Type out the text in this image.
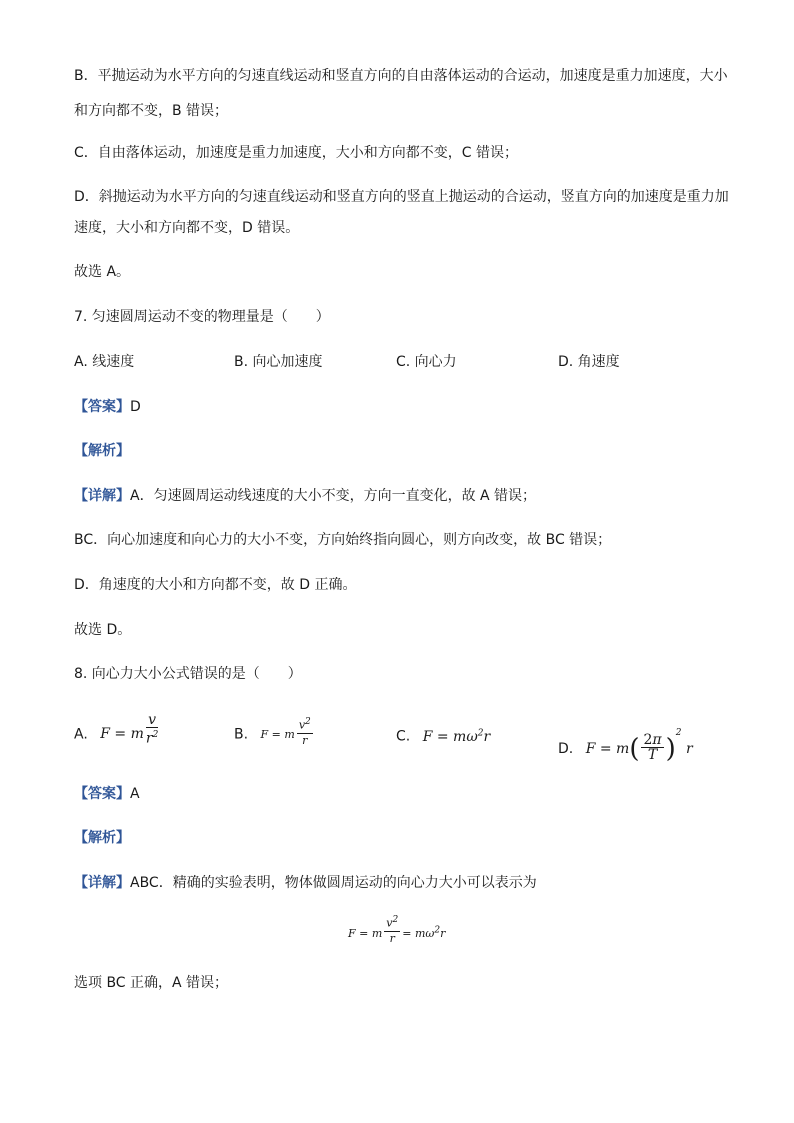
B．平抛运动为水平方向的匀速直线运动和竖直方向的自由落体运动的合运动，加速度是重力加速度，大小
和方向都不变，B 错误；
C．自由落体运动，加速度是重力加速度，大小和方向都不变，C 错误；
D．斜抛运动为水平方向的匀速直线运动和竖直方向的竖直上抛运动的合运动，竖直方向的加速度是重力加
速度，大小和方向都不变，D 错误。
故选 A。
7. 匀速圆周运动不变的物理量是（　　）
A. 线速度	B. 向心加速度	C. 向心力	D. 角速度
【答案】D
【解析】
【详解】A．匀速圆周运动线速度的大小不变，方向一直变化，故 A 错误；
BC．向心加速度和向心力的大小不变，方向始终指向圆心，则方向改变，故 BC 错误；
D．角速度的大小和方向都不变，故 D 正确。
故选 D。
8. 向心力大小公式错误的是（　　）
A. F = m $\frac{v}{r^2}$	B. F = m $\frac{v^2}{r}$	C. $F = m\omega^2r$
D. $F = m( \frac{2\pi}{T} )^2$ r
【答案】A
【解析】
【详解】ABC．精确的实验表明，物体做圆周运动的向心力大小可以表示为
F = m $\frac{v^2}{r} = m\omega^2r$
选项 BC 正确，A 错误；
